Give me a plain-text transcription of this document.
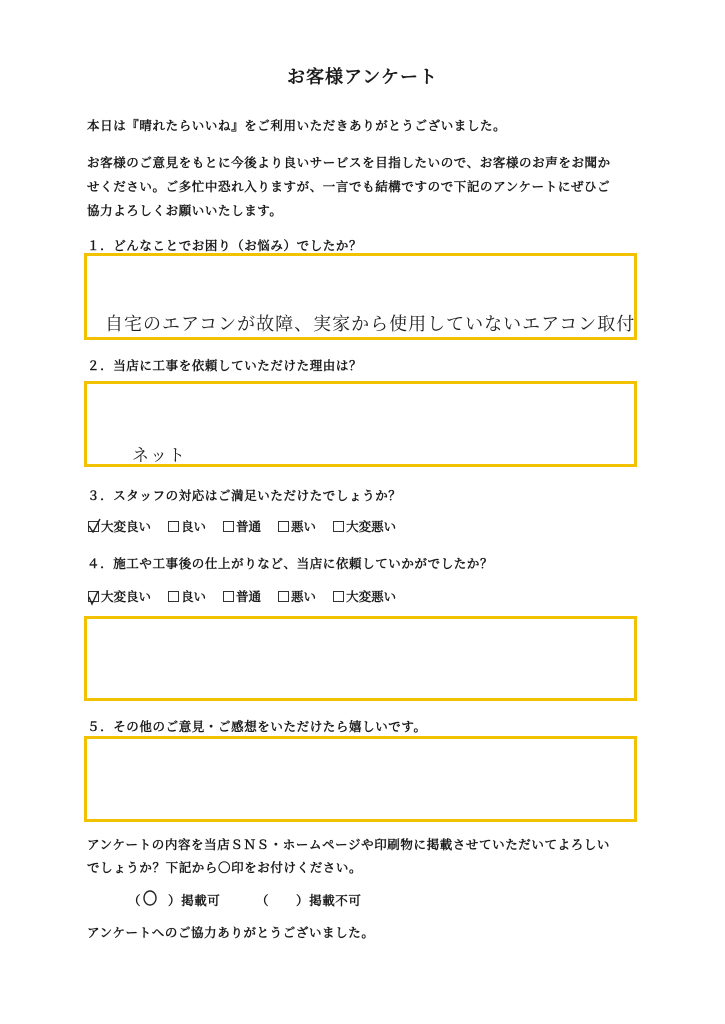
お客様アンケート
本日は『晴れたらいいね』をご利用いただきありがとうございました。
お客様のご意見をもとに今後より良いサービスを目指したいので、お客様のお声をお聞か
せください。ご多忙中恐れ入りますが、一言でも結構ですので下記のアンケートにぜひご
協力よろしくお願いいたします。
１．どんなことでお困り（お悩み）でしたか？
自宅のエアコンが故障、実家から使用していないエアコン取付
２．当店に工事を依頼していただけた理由は？
ネット
３．スタッフの対応はご満足いただけたでしょうか？
大変良い 良い 普通 悪い 大変悪い
４．施工や工事後の仕上がりなど、当店に依頼していかがでしたか？
大変良い 良い 普通 悪い 大変悪い
５．その他のご意見・ご感想をいただけたら嬉しいです。
アンケートの内容を当店ＳＮＳ・ホームページや印刷物に掲載させていただいてよろしい
でしょうか？下記から〇印をお付けください。
（ ）掲載可	（ ）掲載不可
アンケートへのご協力ありがとうございました。
